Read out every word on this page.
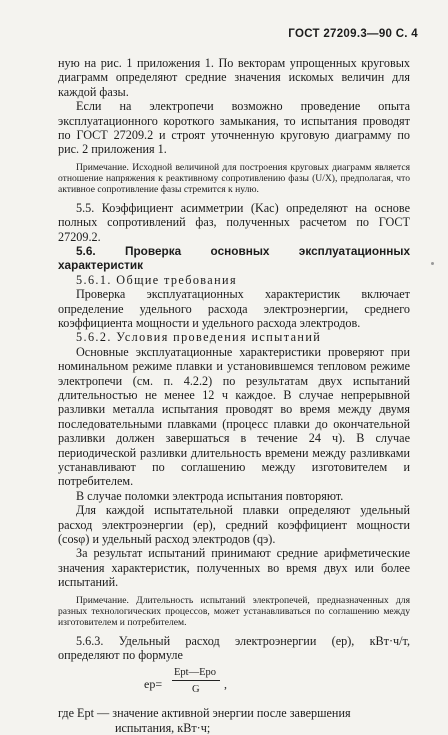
ГОСТ 27209.3—90 С. 4

ную на рис. 1 приложения 1. По векторам упрощенных круговых диаграмм определяют средние значения искомых величин для каждой фазы.

Если на электропечи возможно проведение опыта эксплуатационного короткого замыкания, то испытания проводят по ГОСТ 27209.2 и строят уточненную круговую диаграмму по рис. 2 приложения 1.

Примечание. Исходной величиной для построения круговых диаграмм является отношение напряжения к реактивному сопротивлению фазы (U/X), предполагая, что активное сопротивление фазы стремится к нулю.

5.5. Коэффициент асимметрии (Kас) определяют на основе полных сопротивлений фаз, полученных расчетом по ГОСТ 27209.2.

5.6. Проверка основных эксплуатационных характеристик

5.6.1. Общие требования

Проверка эксплуатационных характеристик включает определение удельного расхода электроэнергии, среднего коэффициента мощности и удельного расхода электродов.

5.6.2. Условия проведения испытаний

Основные эксплуатационные характеристики проверяют при номинальном режиме плавки и установившемся тепловом режиме электропечи (см. п. 4.2.2) по результатам двух испытаний длительностью не менее 12 ч каждое. В случае непрерывной разливки металла испытания проводят во время между двумя последовательными плавками (процесс плавки до окончательной разливки должен завершаться в течение 24 ч). В случае периодической разливки длительность времени между разливками устанавливают по соглашению между изготовителем и потребителем.

В случае поломки электрода испытания повторяют.

Для каждой испытательной плавки определяют удельный расход электроэнергии (eр), средний коэффициент мощности (cosφ) и удельный расход электродов (qэ).

За результат испытаний принимают средние арифметические значения характеристик, полученных во время двух или более испытаний.

Примечание. Длительность испытаний электропечей, предназначенных для разных технологических процессов, может устанавливаться по соглашению между изготовителем и потребителем.

5.6.3. Удельный расход электроэнергии (eр), кВт·ч/т, определяют по формуле

eр=
Ept—Epo
G ,

где Ept — значение активной энергии после завершения испытания, кВт·ч;
